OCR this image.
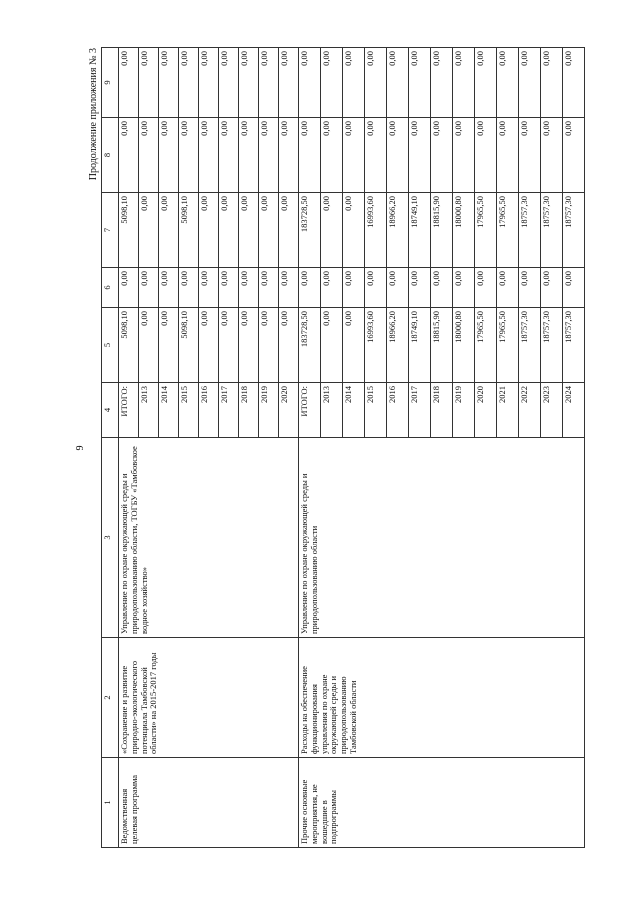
9
Продолжение приложения № 3
1	2	3	4	5	6	7	8	9
Ведомственная целевая программа	«Сохранение и развитие природно-экологического потенциала Тамбовской области» на 2015-2017 годы	Управление по охране окружающей среды и природопользованию области, ТОГБУ «Тамбовское водное хозяйство»	ИТОГО:	5098,10	0,00	5098,10	0,00	0,00
			2013	0,00	0,00	0,00	0,00	0,00
			2014	0,00	0,00	0,00	0,00	0,00
			2015	5098,10	0,00	5098,10	0,00	0,00
			2016	0,00	0,00	0,00	0,00	0,00
			2017	0,00	0,00	0,00	0,00	0,00
			2018	0,00	0,00	0,00	0,00	0,00
			2019	0,00	0,00	0,00	0,00	0,00
			2020	0,00	0,00	0,00	0,00	0,00
Прочие основные мероприятия, не вошедшие в подпрограммы	Расходы на обеспечение функционирования управления по охране окружающей среды и природопользованию Тамбовской области	Управление по охране окружающей среды и природопользованию области	ИТОГО:	183728,50	0,00	183728,50	0,00	0,00
			2013	0,00	0,00	0,00	0,00	0,00
			2014	0,00	0,00	0,00	0,00	0,00
			2015	16993,60	0,00	16993,60	0,00	0,00
			2016	18966,20	0,00	18966,20	0,00	0,00
			2017	18749,10	0,00	18749,10	0,00	0,00
			2018	18815,90	0,00	18815,90	0,00	0,00
			2019	18000,80	0,00	18000,80	0,00	0,00
			2020	17965,50	0,00	17965,50	0,00	0,00
			2021	17965,50	0,00	17965,50	0,00	0,00
			2022	18757,30	0,00	18757,30	0,00	0,00
			2023	18757,30	0,00	18757,30	0,00	0,00
			2024	18757,30	0,00	18757,30	0,00	0,00
